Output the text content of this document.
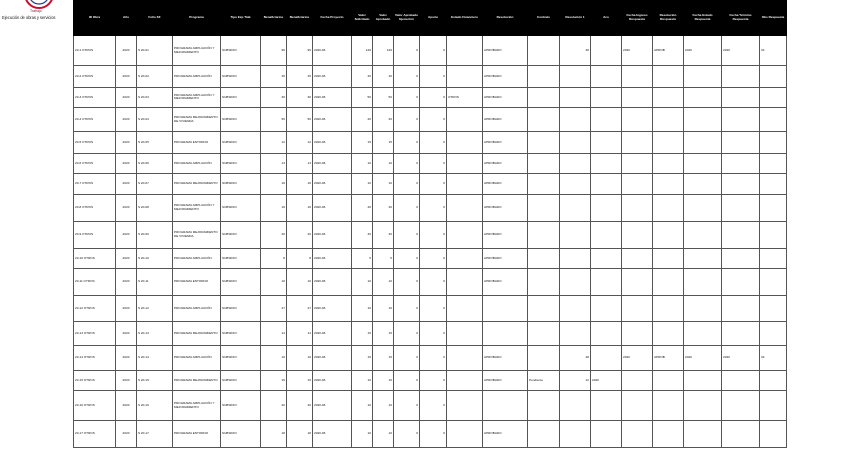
Trabajo
Ejecución de obras y servicios	ID Obra	Año	Folio SF	Programa	Tipo Exp Tiab	Beneficiarios	Beneficiarios	Fecha Proyecto	Valor Solicitado	Valor Aprobado	Valor Aprobado Ejecución	Aporte	Estado Financiero	Resolución	Contrato	Resolución 1	Aco	Fecha Ingreso Respuesta	Resolución Respuesta	Fecha Estado Respuesta	Fecha Término Respuesta	Obs Respuesta
20-1 OTROS	2020	S 20-01	PROGRAMA AMPLIACIÓN Y MEJORAMIENTO	SUBSIDIO	96	96	2020-06	120	120	0	0		APROBADO		48		2020	APROB	2020	2020	34
20-2 OTROS	2020	S 20-02	PROGRAMA AMPLIACIÓN	SUBSIDIO	45	45	2020-06	40	40	0	0		APROBADO								
20-3 OTROS	2020	S 20-03	PROGRAMA AMPLIACIÓN Y MEJORAMIENTO	SUBSIDIO	30	30	2020-06	50	50	0	0	OTROS	APROBADO								
20-4 OTROS	2020	S 20-04	PROGRAMA MEJORAMIENTO DE VIVIENDA	SUBSIDIO	50	50	2020-06	20	20	0	0		APROBADO								
20-5 OTROS	2020	S 20-05	PROGRAMA ENTORNO	SUBSIDIO	12	12	2020-06	15	15	0	0		APROBADO								
20-6 OTROS	2020	S 20-06	PROGRAMA AMPLIACIÓN	SUBSIDIO	13	13	2020-06	10	10	0	0		APROBADO								
20-7 OTROS	2020	S 20-07	PROGRAMA MEJORAMIENTO	SUBSIDIO	16	16	2020-06	10	10	0	0		APROBADO								
20-8 OTROS	2020	S 20-08	PROGRAMA AMPLIACIÓN Y MEJORAMIENTO	SUBSIDIO	16	16	2020-06	40	40	0	0		APROBADO								
20-9 OTROS	2020	S 20-09	PROGRAMA MEJORAMIENTO DE VIVIENDA	SUBSIDIO	20	20	2020-06	30	30	0	0		APROBADO								
20-10 OTROS	2020	S 20-10	PROGRAMA AMPLIACIÓN	SUBSIDIO	8	8	2020-06	5	5	0	0		APROBADO								
20-11 OTROS	2020	S 20-11	PROGRAMA ENTORNO	SUBSIDIO	10	10	2020-06	10	10	0	0		APROBADO								
20-12 OTROS	2020	S 20-12	PROGRAMA AMPLIACIÓN	SUBSIDIO	27	27	2020-06	10	10	0	0										
20-13 OTROS	2020	S 20-13	PROGRAMA MEJORAMIENTO	SUBSIDIO	14	14	2020-06	15	15	0	0										
20-14 OTROS	2020	S 20-14	PROGRAMA AMPLIACIÓN	SUBSIDIO	10	10	2020-06	15	15	0	0		APROBADO		48		2020	APROB	2020	2020	34
20-15 OTROS	2020	S 20-15	PROGRAMA MEJORAMIENTO	SUBSIDIO	15	15	2020-06	10	10	0	0		APROBADO	Pendiente	12	2020					
20-16 OTROS	2020	S 20-16	PROGRAMA AMPLIACIÓN Y MEJORAMIENTO	SUBSIDIO	20	20	2020-06	10	10	0	0										
20-17 OTROS	2020	S 20-17	PROGRAMA ENTORNO	SUBSIDIO	18	18	2020-06	10	10	0	0		APROBADO								
